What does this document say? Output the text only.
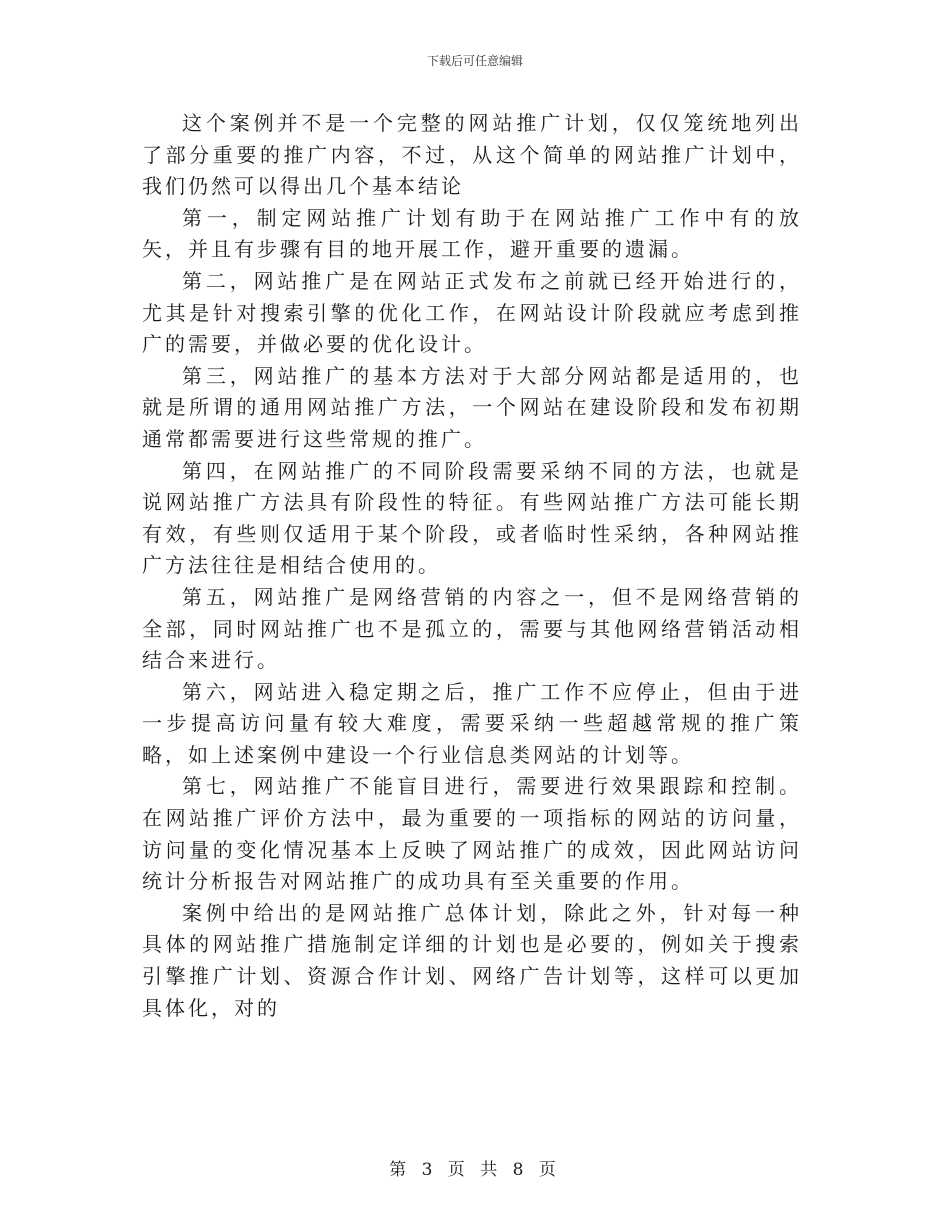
下载后可任意编辑

这个案例并不是一个完整的网站推广计划，仅仅笼统地列出了部分重要的推广内容，不过，从这个简单的网站推广计划中，我们仍然可以得出几个基本结论

第一，制定网站推广计划有助于在网站推广工作中有的放矢，并且有步骤有目的地开展工作，避开重要的遗漏。

第二，网站推广是在网站正式发布之前就已经开始进行的，尤其是针对搜索引擎的优化工作，在网站设计阶段就应考虑到推广的需要，并做必要的优化设计。

第三，网站推广的基本方法对于大部分网站都是适用的，也就是所谓的通用网站推广方法，一个网站在建设阶段和发布初期通常都需要进行这些常规的推广。

第四，在网站推广的不同阶段需要采纳不同的方法，也就是说网站推广方法具有阶段性的特征。有些网站推广方法可能长期有效，有些则仅适用于某个阶段，或者临时性采纳，各种网站推广方法往往是相结合使用的。

第五，网站推广是网络营销的内容之一，但不是网络营销的全部，同时网站推广也不是孤立的，需要与其他网络营销活动相结合来进行。

第六，网站进入稳定期之后，推广工作不应停止，但由于进一步提高访问量有较大难度，需要采纳一些超越常规的推广策略，如上述案例中建设一个行业信息类网站的计划等。

第七，网站推广不能盲目进行，需要进行效果跟踪和控制。在网站推广评价方法中，最为重要的一项指标的网站的访问量，访问量的变化情况基本上反映了网站推广的成效，因此网站访问统计分析报告对网站推广的成功具有至关重要的作用。

案例中给出的是网站推广总体计划，除此之外，针对每一种具体的网站推广措施制定详细的计划也是必要的，例如关于搜索引擎推广计划、资源合作计划、网络广告计划等，这样可以更加具体化，对的

第 3 页 共 8 页
